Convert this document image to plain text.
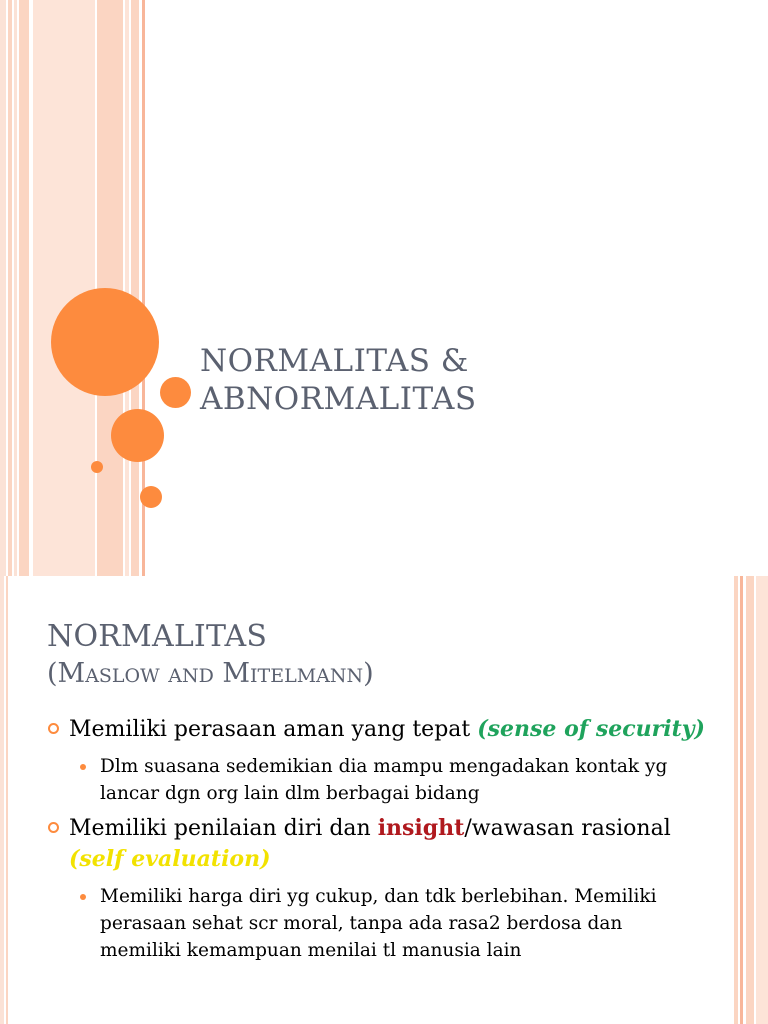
NORMALITAS &
ABNORMALITAS
NORMALITAS
(Maslow and Mitelmann)
Memiliki perasaan aman yang tepat (sense of security)
Dlm suasana sedemikian dia mampu mengadakan kontak yg lancar dgn org lain dlm berbagai bidang
Memiliki penilaian diri dan insight/wawasan rasional (self evaluation)
Memiliki harga diri yg cukup, dan tdk berlebihan. Memiliki perasaan sehat scr moral, tanpa ada rasa2 berdosa dan memiliki kemampuan menilai tl manusia lain
